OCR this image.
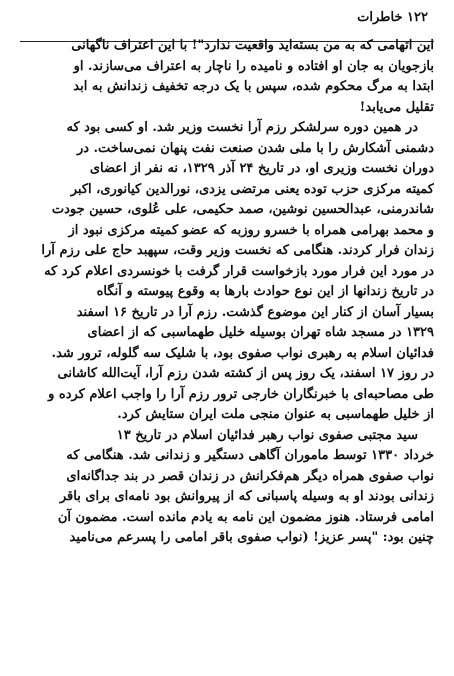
۱۲۲ خاطرات
این اتهامی که به من بسته‌اید واقعیت ندارد"! با این اعتراف ناگهانی
بازجویان به جان او افتاده و نامیده را ناچار به اعتراف می‌سازند. او
ابتدا به مرگ محکوم شده، سپس با یک درجه تخفیف زندانش به ابد
تقلیل می‌یابد!
در همین دوره سرلشکر رزم آرا نخست وزیر شد. او کسی بود که
دشمنی آشکارش را با ملی شدن صنعت نفت پنهان نمی‌ساخت. در
دوران نخست وزیری او، در تاریخ ۲۴ آذر ۱۳۲۹، نه نفر از اعضای
کمیته مرکزی حزب توده یعنی مرتضی یزدی، نورالدین کیانوری، اکبر
شاندرمنی، عبدالحسین نوشین، صمد حکیمی، علی عُلوی، حسین جودت
و محمد بهرامی همراه با خسرو روزبه که عضو کمیته مرکزی نبود از
زندان فرار کردند. هنگامی که نخست وزیر وقت، سپهبد حاج علی رزم آرا
در مورد این فرار مورد بازخواست قرار گرفت با خونسردی اعلام کرد که
در تاریخ زندانها از این نوع حوادث بارها به وقوع پیوسته و آنگاه
بسیار آسان از کنار این موضوع گذشت. رزم آرا در تاریخ ۱۶ اسفند
۱۳۲۹ در مسجد شاه تهران بوسیله خلیل طهماسبی که از اعضای
فدائیان اسلام به رهبری نواب صفوی بود، با شلیک سه گلوله، ترور شد.
در روز ۱۷ اسفند، یک روز پس از کشته شدن رزم آرا، آیت‌الله کاشانی
طی مصاحبه‌ای با خبرنگاران خارجی ترور رزم آرا را واجب اعلام کرده و
از خلیل طهماسبی به عنوان منجی ملت ایران ستایش کرد.
سید مجتبی صفوی نواب رهبر فدائیان اسلام در تاریخ ۱۳
خرداد ۱۳۳۰ توسط ماموران آگاهی دستگیر و زندانی شد. هنگامی که
نواب صفوی همراه دیگر هم‌فکرانش در زندان قصر در بند جداگانه‌ای
زندانی بودند او به وسیله پاسبانی که از پیروانش بود نامه‌ای برای باقر
امامی فرستاد. هنوز مضمون این نامه به یادم مانده است. مضمون آن
چنین بود: "پسر عزیز! (نواب صفوی باقر امامی را پسرعم می‌نامید
